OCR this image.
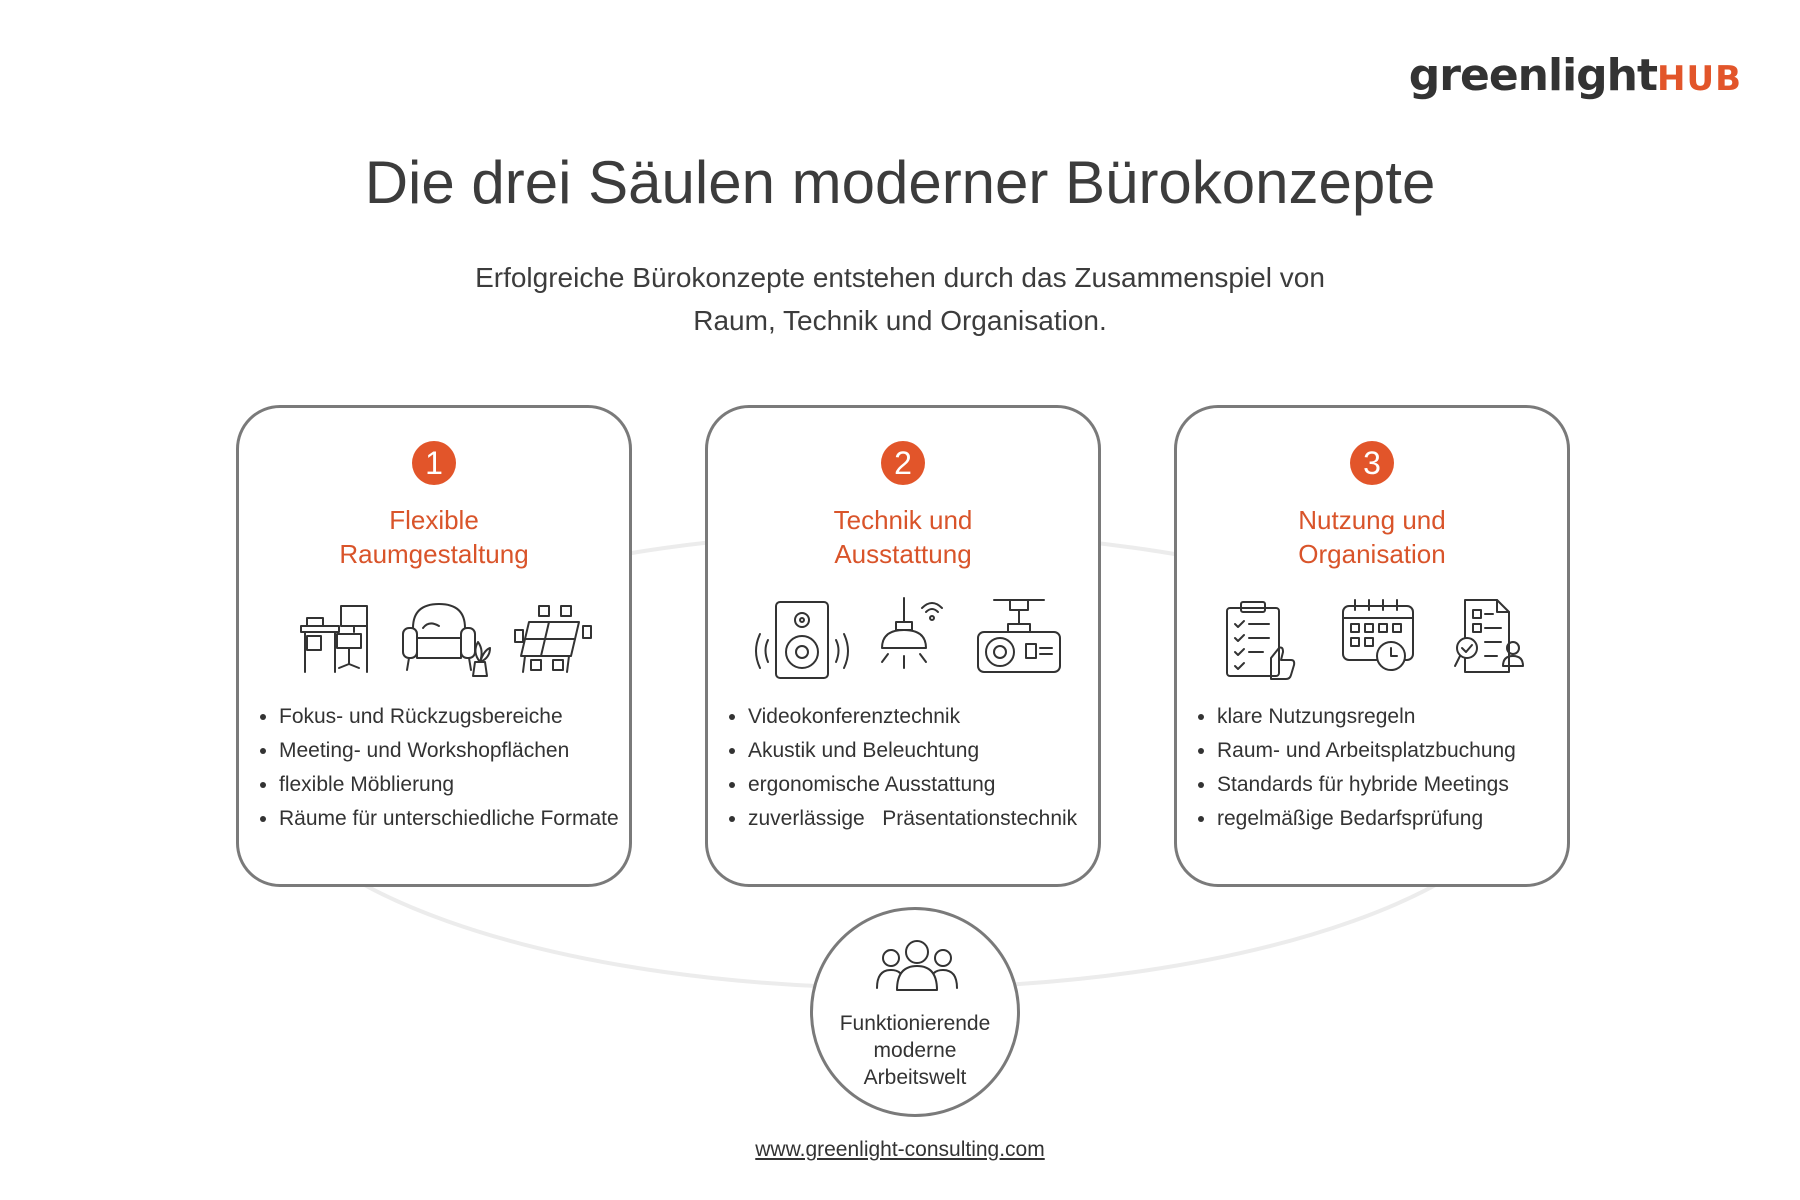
greenlightHUB
Die drei Säulen moderner Bürokonzepte
Erfolgreiche Bürokonzepte entstehen durch das Zusammenspiel von
Raum, Technik und Organisation.
1
Flexible
Raumgestaltung
• Fokus- und Rückzugsbereiche
• Meeting- und Workshopflächen
• flexible Möblierung
• Räume für unterschiedliche Formate
2
Technik und
Ausstattung
• Videokonferenztechnik
• Akustik und Beleuchtung
• ergonomische Ausstattung
• zuverlässige   Präsentationstechnik
3
Nutzung und
Organisation
• klare Nutzungsregeln
• Raum- und Arbeitsplatzbuchung
• Standards für hybride Meetings
• regelmäßige Bedarfsprüfung
Funktionierende
moderne
Arbeitswelt
www.greenlight-consulting.com
